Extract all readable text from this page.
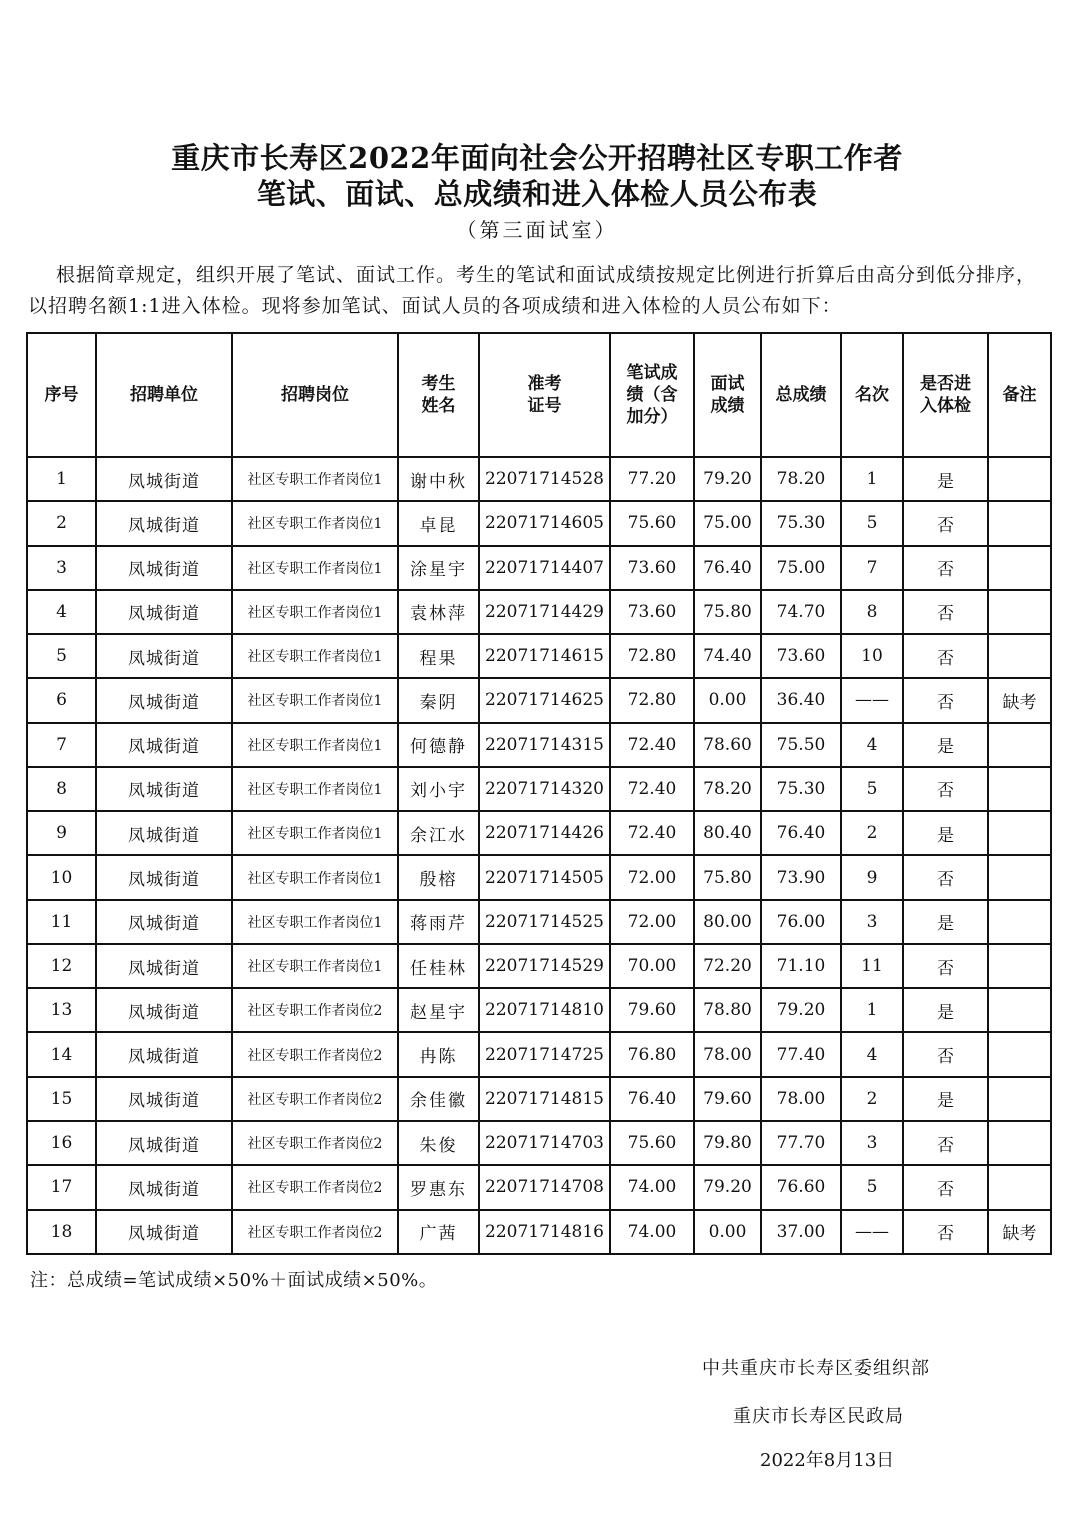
重庆市长寿区2022年面向社会公开招聘社区专职工作者
笔试、面试、总成绩和进入体检人员公布表
（第三面试室）
根据简章规定，组织开展了笔试、面试工作。考生的笔试和面试成绩按规定比例进行折算后由高分到低分排序，以招聘名额1:1进入体检。现将参加笔试、面试人员的各项成绩和进入体检的人员公布如下：
序号	招聘单位	招聘岗位	考生姓名	准考证号	笔试成绩（含加分）	面试成绩	总成绩	名次	是否进入体检	备注
1	凤城街道	社区专职工作者岗位1	谢中秋	22071714528	77.20	79.20	78.20	1	是	
2	凤城街道	社区专职工作者岗位1	卓昆	22071714605	75.60	75.00	75.30	5	否	
3	凤城街道	社区专职工作者岗位1	涂星宇	22071714407	73.60	76.40	75.00	7	否	
4	凤城街道	社区专职工作者岗位1	袁林萍	22071714429	73.60	75.80	74.70	8	否	
5	凤城街道	社区专职工作者岗位1	程果	22071714615	72.80	74.40	73.60	10	否	
6	凤城街道	社区专职工作者岗位1	秦阴	22071714625	72.80	0.00	36.40	——	否	缺考
7	凤城街道	社区专职工作者岗位1	何德静	22071714315	72.40	78.60	75.50	4	是	
8	凤城街道	社区专职工作者岗位1	刘小宇	22071714320	72.40	78.20	75.30	5	否	
9	凤城街道	社区专职工作者岗位1	余江水	22071714426	72.40	80.40	76.40	2	是	
10	凤城街道	社区专职工作者岗位1	殷榕	22071714505	72.00	75.80	73.90	9	否	
11	凤城街道	社区专职工作者岗位1	蒋雨芹	22071714525	72.00	80.00	76.00	3	是	
12	凤城街道	社区专职工作者岗位1	任桂林	22071714529	70.00	72.20	71.10	11	否	
13	凤城街道	社区专职工作者岗位2	赵星宇	22071714810	79.60	78.80	79.20	1	是	
14	凤城街道	社区专职工作者岗位2	冉陈	22071714725	76.80	78.00	77.40	4	否	
15	凤城街道	社区专职工作者岗位2	余佳徽	22071714815	76.40	79.60	78.00	2	是	
16	凤城街道	社区专职工作者岗位2	朱俊	22071714703	75.60	79.80	77.70	3	否	
17	凤城街道	社区专职工作者岗位2	罗惠东	22071714708	74.00	79.20	76.60	5	否	
18	凤城街道	社区专职工作者岗位2	广茜	22071714816	74.00	0.00	37.00	——	否	缺考
注：总成绩=笔试成绩×50%＋面试成绩×50%。
中共重庆市长寿区委组织部
重庆市长寿区民政局
2022年8月13日
